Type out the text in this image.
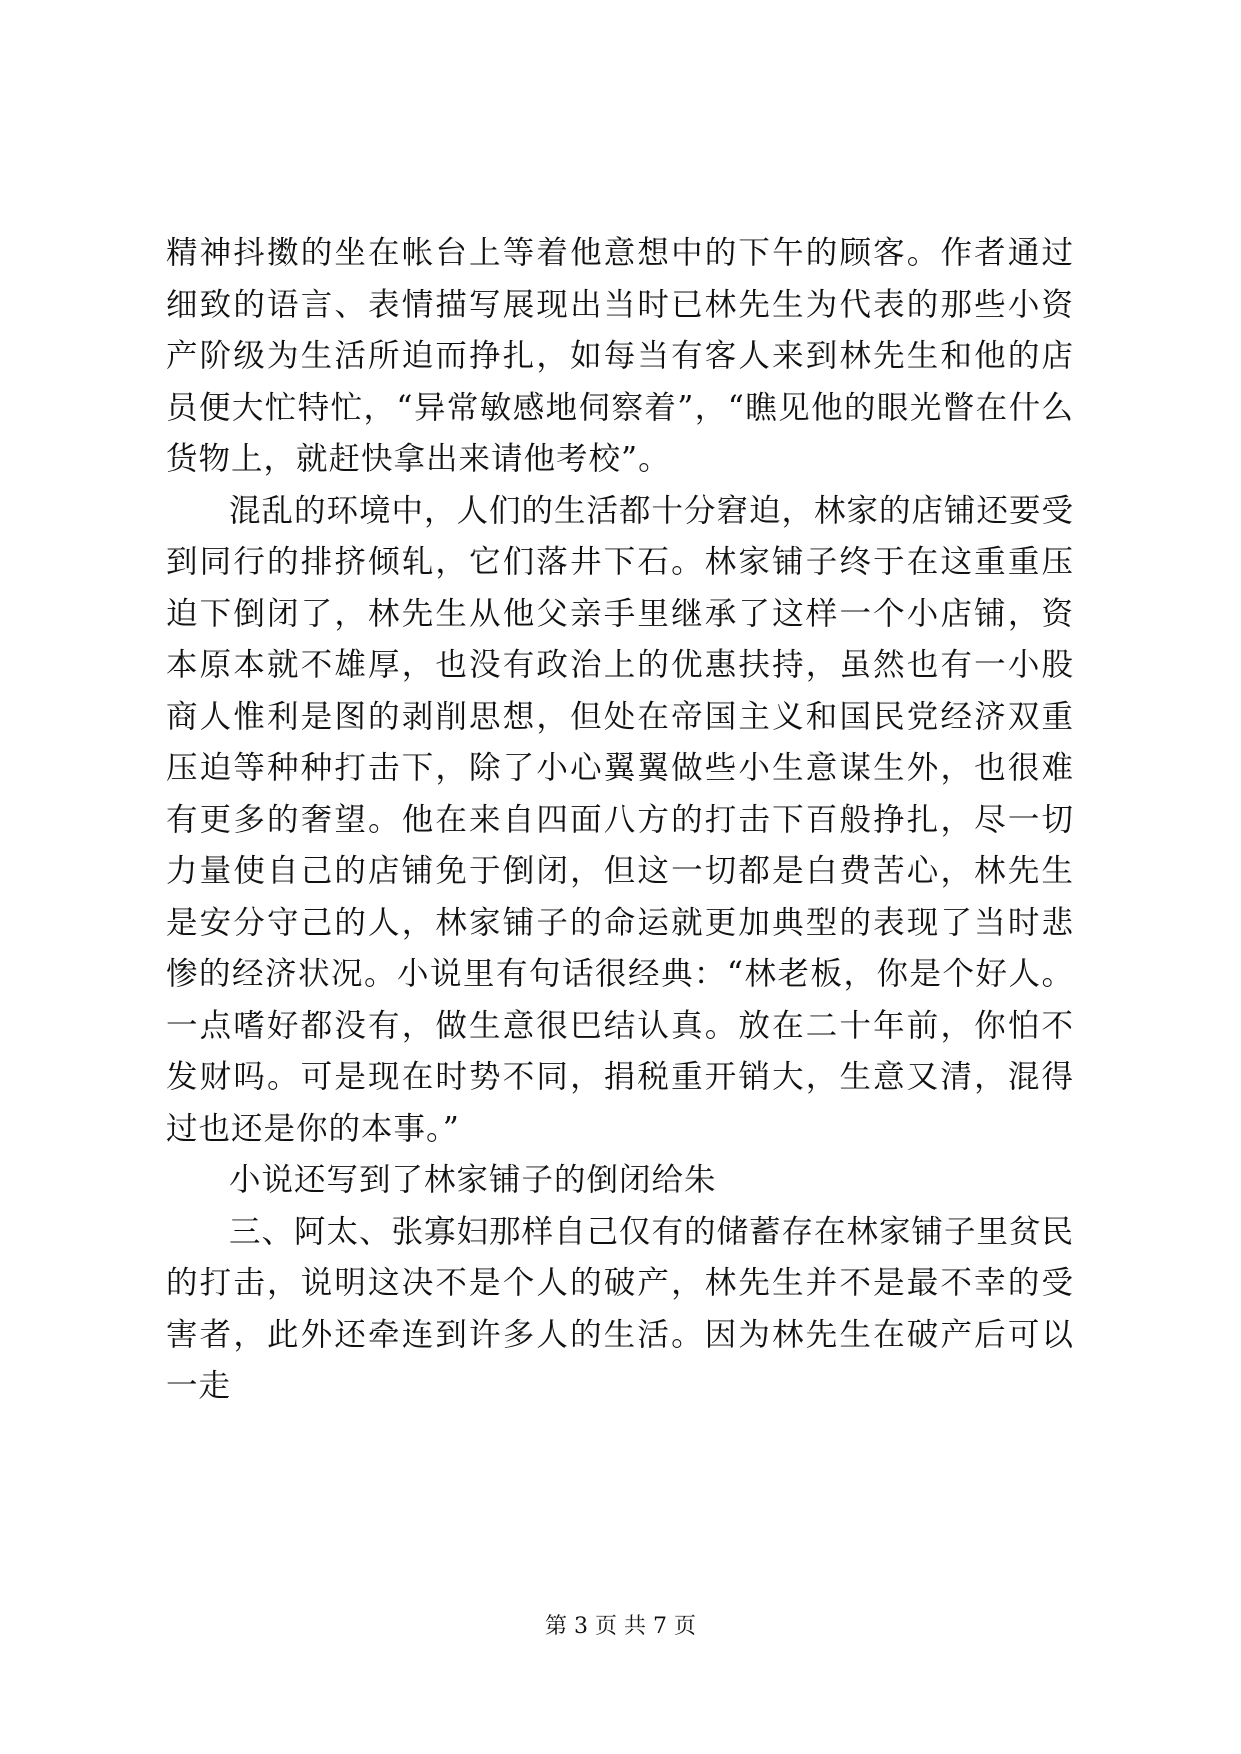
精神抖擞的坐在帐台上等着他意想中的下午的顾客。作者通过细致的语言、表情描写展现出当时已林先生为代表的那些小资产阶级为生活所迫而挣扎，如每当有客人来到林先生和他的店员便大忙特忙，“异常敏感地伺察着”，“瞧见他的眼光瞥在什么货物上，就赶快拿出来请他考校”。

混乱的环境中，人们的生活都十分窘迫，林家的店铺还要受到同行的排挤倾轧，它们落井下石。林家铺子终于在这重重压迫下倒闭了，林先生从他父亲手里继承了这样一个小店铺，资本原本就不雄厚，也没有政治上的优惠扶持，虽然也有一小股商人惟利是图的剥削思想，但处在帝国主义和国民党经济双重压迫等种种打击下，除了小心翼翼做些小生意谋生外，也很难有更多的奢望。他在来自四面八方的打击下百般挣扎，尽一切力量使自己的店铺免于倒闭，但这一切都是白费苦心，林先生是安分守己的人，林家铺子的命运就更加典型的表现了当时悲惨的经济状况。小说里有句话很经典：“林老板，你是个好人。一点嗜好都没有，做生意很巴结认真。放在二十年前，你怕不发财吗。可是现在时势不同，捐税重开销大，生意又清，混得过也还是你的本事。”

小说还写到了林家铺子的倒闭给朱

三、阿太、张寡妇那样自己仅有的储蓄存在林家铺子里贫民的打击，说明这决不是个人的破产，林先生并不是最不幸的受害者，此外还牵连到许多人的生活。因为林先生在破产后可以一走

第 3 页 共 7 页
